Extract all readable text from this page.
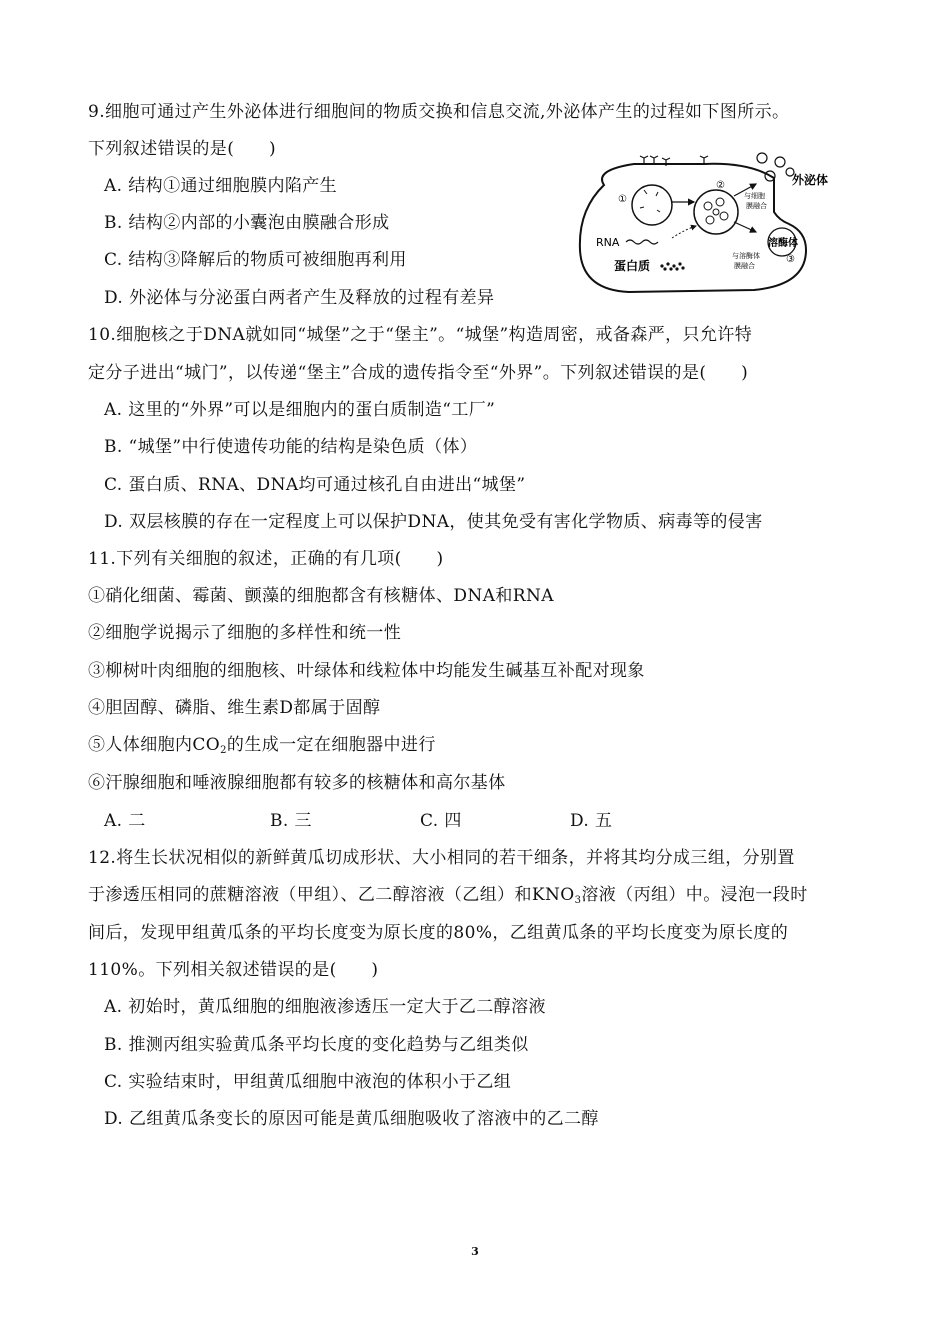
9.细胞可通过产生外泌体进行细胞间的物质交换和信息交流,外泌体产生的过程如下图所示。
下列叙述错误的是(　　)
A. 结构①通过细胞膜内陷产生
B. 结构②内部的小囊泡由膜融合形成
C. 结构③降解后的物质可被细胞再利用
D. 外泌体与分泌蛋白两者产生及释放的过程有差异
外泌体
与细胞
膜融合
①
②
③
RNA	溶酶体
与溶酶体
膜融合
蛋白质
10.细胞核之于DNA就如同“城堡”之于“堡主”。“城堡”构造周密，戒备森严，只允许特
定分子进出“城门”，以传递“堡主”合成的遗传指令至“外界”。下列叙述错误的是(　　)
A. 这里的“外界”可以是细胞内的蛋白质制造“工厂”
B. “城堡”中行使遗传功能的结构是染色质（体）
C. 蛋白质、RNA、DNA均可通过核孔自由进出“城堡”
D. 双层核膜的存在一定程度上可以保护DNA，使其免受有害化学物质、病毒等的侵害
11.下列有关细胞的叙述，正确的有几项(　　)
①硝化细菌、霉菌、颤藻的细胞都含有核糖体、DNA和RNA
②细胞学说揭示了细胞的多样性和统一性
③柳树叶肉细胞的细胞核、叶绿体和线粒体中均能发生碱基互补配对现象
④胆固醇、磷脂、维生素D都属于固醇
⑤人体细胞内$CO_2$的生成一定在细胞器中进行
⑥汗腺细胞和唾液腺细胞都有较多的核糖体和高尔基体
A. 二	B. 三	C. 四	D. 五
12.将生长状况相似的新鲜黄瓜切成形状、大小相同的若干细条，并将其均分成三组，分别置
于渗透压相同的蔗糖溶液（甲组）、乙二醇溶液（乙组）和$KNO_3$溶液（丙组）中。浸泡一段时
间后，发现甲组黄瓜条的平均长度变为原长度的80%，乙组黄瓜条的平均长度变为原长度的
110%。下列相关叙述错误的是(　　)
A. 初始时，黄瓜细胞的细胞液渗透压一定大于乙二醇溶液
B. 推测丙组实验黄瓜条平均长度的变化趋势与乙组类似
C. 实验结束时，甲组黄瓜细胞中液泡的体积小于乙组
D. 乙组黄瓜条变长的原因可能是黄瓜细胞吸收了溶液中的乙二醇
3
